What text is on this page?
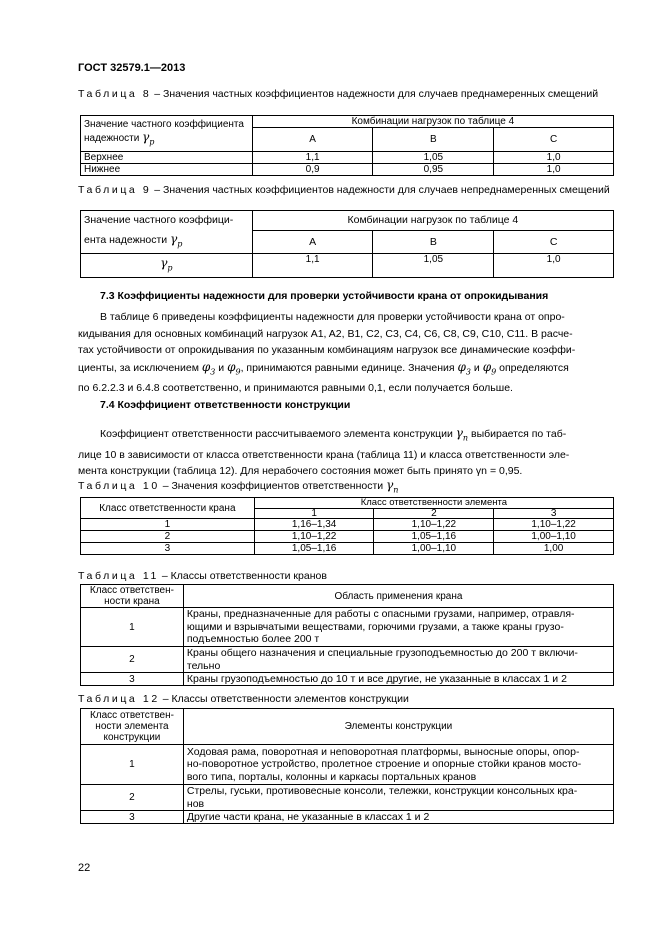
ГОСТ 32579.1—2013
Таблица 8 – Значения частных коэффициентов надежности для случаев преднамеренных смещений
Значение частного коэффициента
надежности $\gamma_p$	Комбинации нагрузок по таблице 4		
	A	B	C
Верхнее	1,1	1,05	1,0
Нижнее	0,9	0,95	1,0
Таблица 9 – Значения частных коэффициентов надежности для случаев непреднамеренных смещений
Значение частного коэффици-
ента надежности $\gamma_p$	Комбинации нагрузок по таблице 4		
	A	B	C
$\gamma_p$	1,1	1,05	1,0
7.3 Коэффициенты надежности для проверки устойчивости крана от опрокидывания
В таблице 6 приведены коэффициенты надежности для проверки устойчивости крана от опро-
кидывания для основных комбинаций нагрузок A1, A2, B1, C2, C3, C4, C6, C8, C9, C10, C11. В расче-
тах устойчивости от опрокидывания по указанным комбинациям нагрузок все динамические коэффи-
циенты, за исключением $\varphi_3$ и $\varphi_9$, принимаются равными единице. Значения $\varphi_3$ и $\varphi_9$ определяются
по 6.2.2.3 и 6.4.8 соответственно, и принимаются равными 0,1, если получается больше.
7.4 Коэффициент ответственности конструкции
Коэффициент ответственности рассчитываемого элемента конструкции $\gamma_n$ выбирается по таб-
лице 10 в зависимости от класса ответственности крана (таблица 11) и класса ответственности эле-
мента конструкции (таблица 12). Для нерабочего состояния может быть принято γn = 0,95.
Таблица 10 – Значения коэффициентов ответственности $\gamma_n$
Класс ответственности крана	Класс ответственности элемента		
	1	2	3
1	1,16–1,34	1,10–1,22	1,10–1,22
2	1,10–1,22	1,05–1,16	1,00–1,10
3	1,05–1,16	1,00–1,10	1,00
Таблица 11 – Классы ответственности кранов
Класс ответствен-
ности крана	Область применения крана
1	Краны, предназначенные для работы с опасными грузами, например, отравля-
ющими и взрывчатыми веществами, горючими грузами, а также краны грузо-
подъемностью более 200 т
2	Краны общего назначения и специальные грузоподъемностью до 200 т включи-
тельно
3	Краны грузоподъемностью до 10 т и все другие, не указанные в классах 1 и 2
Таблица 12 – Классы ответственности элементов конструкции
Класс ответствен-
ности элемента
конструкции	Элементы конструкции
1	Ходовая рама, поворотная и неповоротная платформы, выносные опоры, опор-
но-поворотное устройство, пролетное строение и опорные стойки кранов мосто-
вого типа, порталы, колонны и каркасы портальных кранов
2	Стрелы, гуськи, противовесные консоли, тележки, конструкции консольных кра-
нов
3	Другие части крана, не указанные в классах 1 и 2
22
